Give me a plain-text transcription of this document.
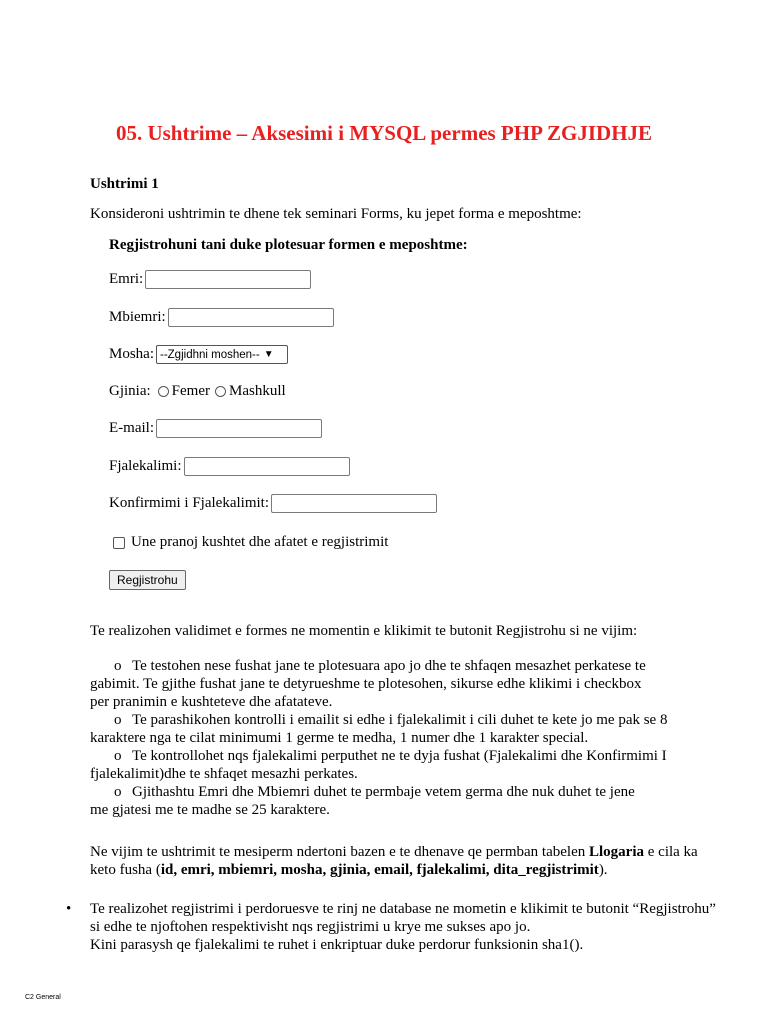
05. Ushtrime – Aksesimi i MYSQL permes PHP ZGJIDHJE
Ushtrimi 1
Konsideroni ushtrimin te dhene tek seminari Forms, ku jepet forma e meposhtme:
Regjistrohuni tani duke plotesuar formen e meposhtme:
Emri:
Mbiemri:
Mosha: --Zgjidhni moshen-- ▼
Gjinia: Femer Mashkull
E-mail:
Fjalekalimi:
Konfirmimi i Fjalekalimit:
Une pranoj kushtet dhe afatet e regjistrimit
Regjistrohu
Te realizohen validimet e formes ne momentin e klikimit te butonit Regjistrohu si ne vijim:
o Te testohen nese fushat jane te plotesuara apo jo dhe te shfaqen mesazhet perkatese te
gabimit. Te gjithe fushat jane te detyrueshme te plotesohen, sikurse edhe klikimi i checkbox
per pranimin e kushteteve dhe afatateve.
o Te parashikohen kontrolli i emailit si edhe i fjalekalimit i cili duhet te kete jo me pak se 8
karaktere nga te cilat minimumi 1 germe te medha, 1 numer dhe 1 karakter special.
o Te kontrollohet nqs fjalekalimi perputhet ne te dyja fushat (Fjalekalimi dhe Konfirmimi I
fjalekalimit)dhe te shfaqet mesazhi perkates.
o Gjithashtu Emri dhe Mbiemri duhet te permbaje vetem germa dhe nuk duhet te jene
me gjatesi me te madhe se 25 karaktere.
Ne vijim te ushtrimit te mesiperm ndertoni bazen e te dhenave qe permban tabelen Llogaria e cila ka
keto fusha (id, emri, mbiemri, mosha, gjinia, email, fjalekalimi, dita_regjistrimit).
• Te realizohet regjistrimi i perdoruesve te rinj ne database ne mometin e klikimit te butonit “Regjistrohu”
si edhe te njoftohen respektivisht nqs regjistrimi u krye me sukses apo jo.
Kini parasysh qe fjalekalimi te ruhet i enkriptuar duke perdorur funksionin sha1().
C2 General
